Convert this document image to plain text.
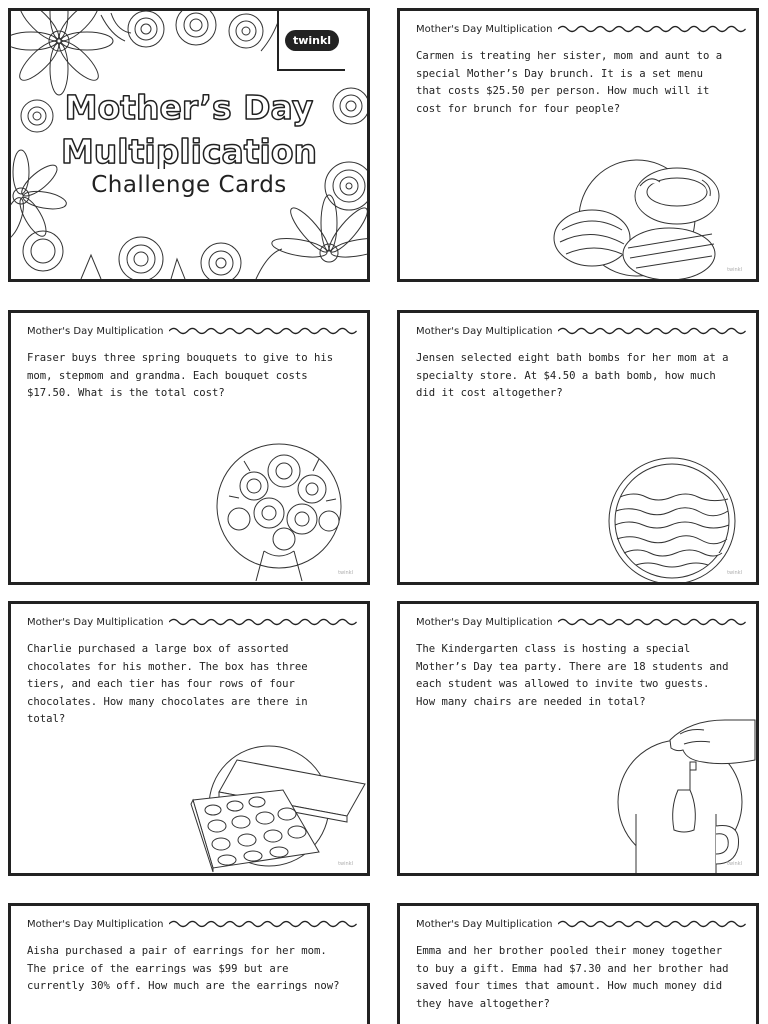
twinkl
Mother’s Day
Multiplication
Challenge Cards
Mother's Day Multiplication

Carmen is treating her sister, mom and aunt to a special Mother’s Day brunch. It is a set menu that costs $25.50 per person. How much will it cost for brunch for four people?

twinkl
Mother's Day Multiplication

Fraser buys three spring bouquets to give to his mom, stepmom and grandma. Each bouquet costs $17.50. What is the total cost?

twinkl
Mother's Day Multiplication

Jensen selected eight bath bombs for her mom at a specialty store. At $4.50 a bath bomb, how much did it cost altogether?

twinkl
Mother's Day Multiplication

Charlie purchased a large box of assorted chocolates for his mother. The box has three tiers, and each tier has four rows of four chocolates. How many chocolates are there in total?

twinkl
Mother's Day Multiplication

The Kindergarten class is hosting a special Mother’s Day tea party. There are 18 students and each student was allowed to invite two guests. How many chairs are needed in total?

twinkl
Mother's Day Multiplication

Aisha purchased a pair of earrings for her mom. The price of the earrings was $99 but are currently 30% off. How much are the earrings now?

Mother's Day Multiplication

Emma and her brother pooled their money together to buy a gift. Emma had $7.30 and her brother had saved four times that amount. How much money did they have altogether?
